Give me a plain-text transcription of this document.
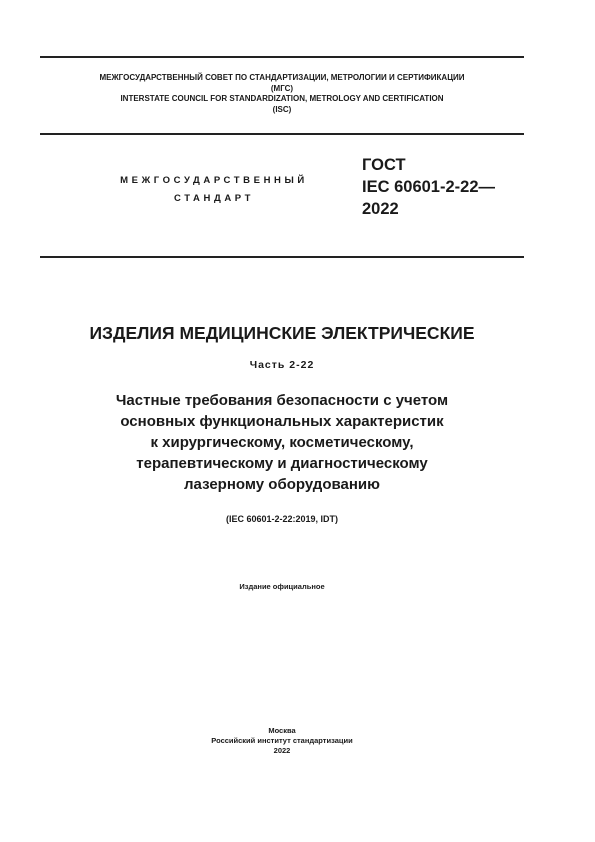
МЕЖГОСУДАРСТВЕННЫЙ СОВЕТ ПО СТАНДАРТИЗАЦИИ, МЕТРОЛОГИИ И СЕРТИФИКАЦИИ
(МГС)
INTERSTATE COUNCIL FOR STANDARDIZATION, METROLOGY AND CERTIFICATION
(ISC)
МЕЖГОСУДАРСТВЕННЫЙ
СТАНДАРТ
ГОСТ
IEC 60601-2-22—
2022
ИЗДЕЛИЯ МЕДИЦИНСКИЕ ЭЛЕКТРИЧЕСКИЕ
Часть 2-22
Частные требования безопасности с учетом
основных функциональных характеристик
к хирургическому, косметическому,
терапевтическому и диагностическому
лазерному оборудованию
(IEC 60601-2-22:2019, IDT)
Издание официальное
Москва
Российский институт стандартизации
2022
